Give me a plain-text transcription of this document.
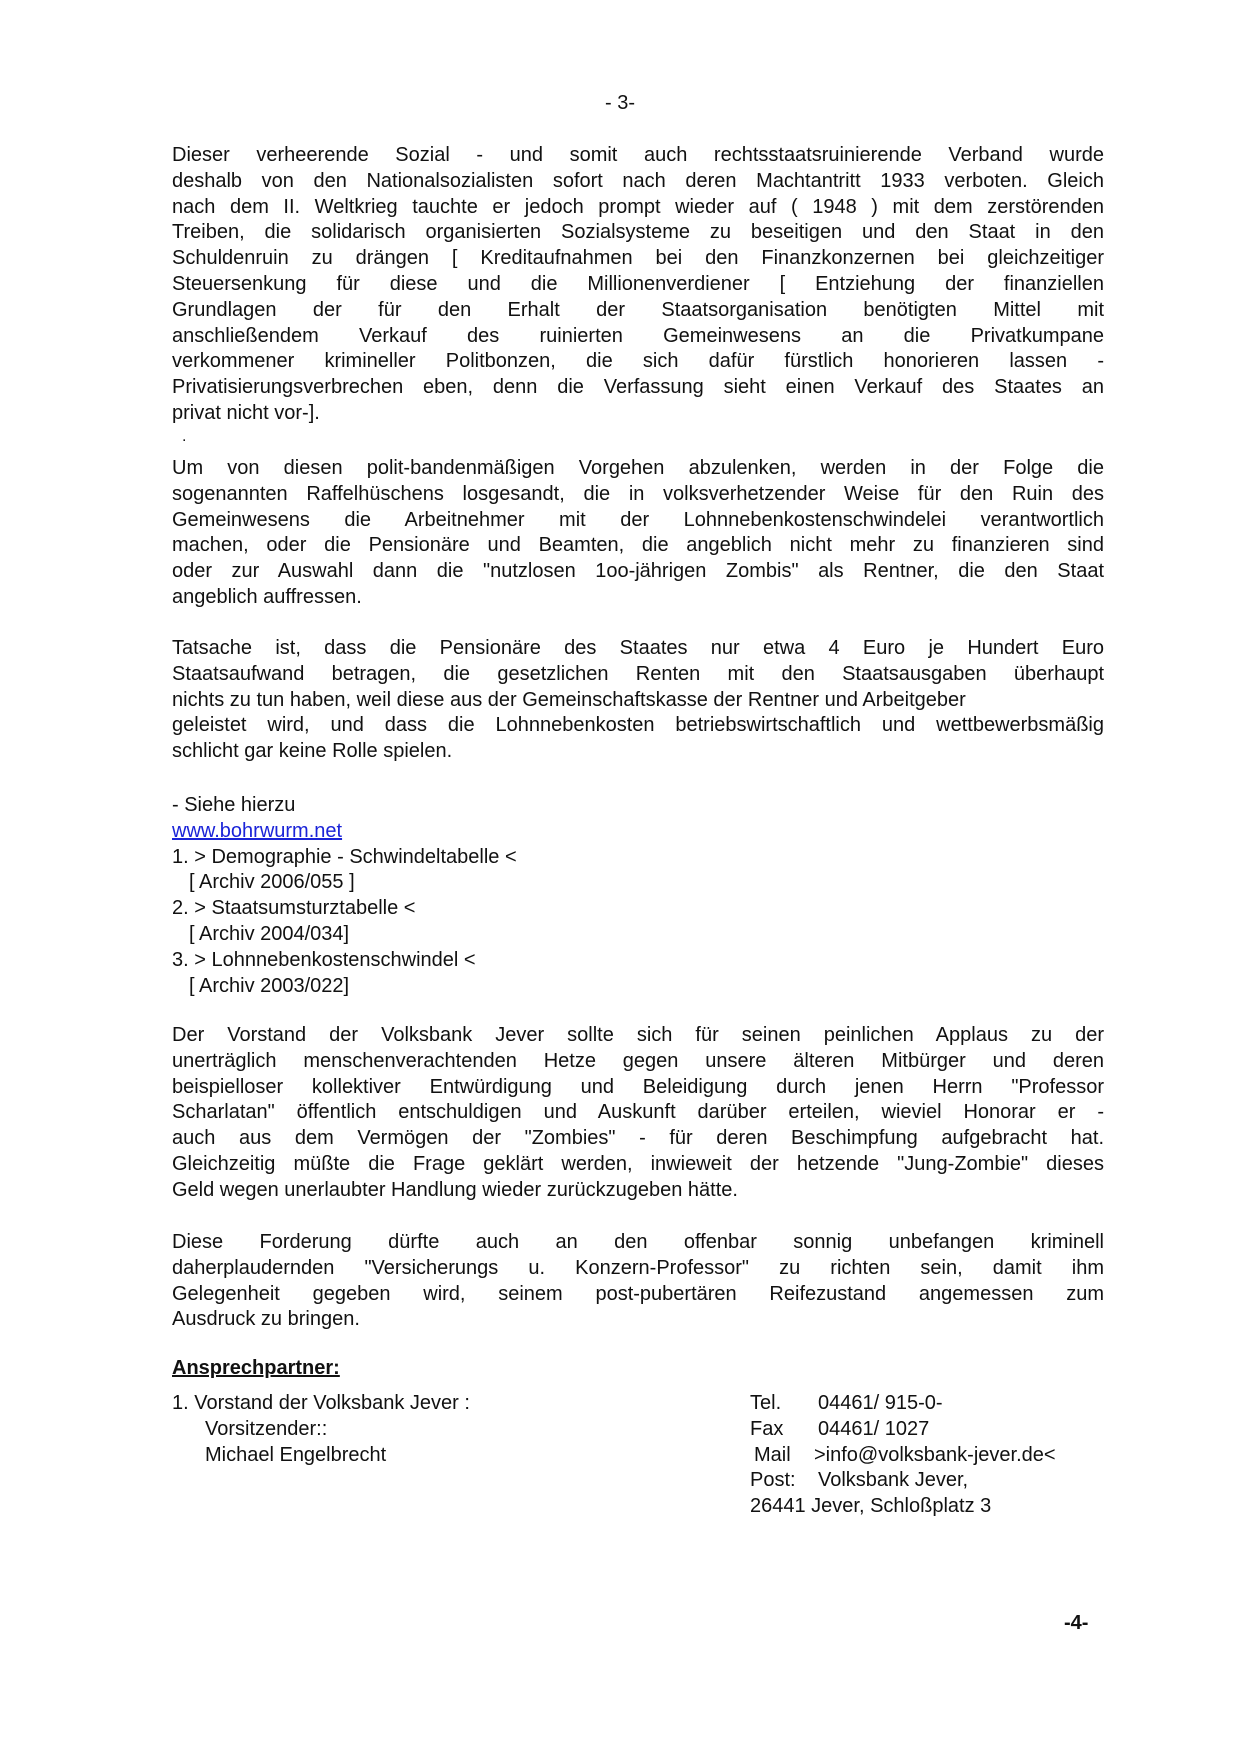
- 3-
Dieser verheerende Sozial - und somit auch rechtsstaatsruinierende Verband wurde
deshalb von den Nationalsozialisten sofort nach deren Machtantritt 1933 verboten. Gleich
nach dem II. Weltkrieg tauchte er jedoch prompt wieder auf ( 1948 ) mit dem zerstörenden
Treiben, die solidarisch organisierten Sozialsysteme zu beseitigen und den Staat in den
Schuldenruin zu drängen [ Kreditaufnahmen bei den Finanzkonzernen bei gleichzeitiger
Steuersenkung für diese und die Millionenverdiener [ Entziehung der finanziellen
Grundlagen der für den Erhalt der Staatsorganisation benötigten Mittel mit
anschließendem Verkauf des ruinierten Gemeinwesens an die Privatkumpane
verkommener krimineller Politbonzen, die sich dafür fürstlich honorieren lassen -
Privatisierungsverbrechen eben, denn die Verfassung sieht einen Verkauf des Staates an
privat nicht vor-].
.
Um von diesen polit-bandenmäßigen Vorgehen abzulenken, werden in der Folge die
sogenannten Raffelhüschens losgesandt, die in volksverhetzender Weise für den Ruin des
Gemeinwesens die Arbeitnehmer mit der Lohnnebenkostenschwindelei verantwortlich
machen, oder die Pensionäre und Beamten, die angeblich nicht mehr zu finanzieren sind
oder zur Auswahl dann die "nutzlosen 1oo-jährigen Zombis" als Rentner, die den Staat
angeblich auffressen.
Tatsache ist, dass die Pensionäre des Staates nur etwa 4 Euro je Hundert Euro
Staatsaufwand betragen, die gesetzlichen Renten mit den Staatsausgaben überhaupt
nichts zu tun haben, weil diese aus der Gemeinschaftskasse der Rentner und Arbeitgeber
geleistet wird, und dass die Lohnnebenkosten betriebswirtschaftlich und wettbewerbsmäßig
schlicht gar keine Rolle spielen.
- Siehe hierzu
www.bohrwurm.net
1. > Demographie - Schwindeltabelle <
[ Archiv 2006/055 ]
2. > Staatsumsturztabelle <
[ Archiv 2004/034]
3. > Lohnnebenkostenschwindel <
[ Archiv 2003/022]
Der Vorstand der Volksbank Jever sollte sich für seinen peinlichen Applaus zu der
unerträglich menschenverachtenden Hetze gegen unsere älteren Mitbürger und deren
beispielloser kollektiver Entwürdigung und Beleidigung durch jenen Herrn "Professor
Scharlatan" öffentlich entschuldigen und Auskunft darüber erteilen, wieviel Honorar er -
auch aus dem Vermögen der "Zombies" - für deren Beschimpfung aufgebracht hat.
Gleichzeitig müßte die Frage geklärt werden, inwieweit der hetzende "Jung-Zombie" dieses
Geld wegen unerlaubter Handlung wieder zurückzugeben hätte.
Diese Forderung dürfte auch an den offenbar sonnig unbefangen kriminell
daherplaudernden "Versicherungs u. Konzern-Professor" zu richten sein, damit ihm
Gelegenheit gegeben wird, seinem post-pubertären Reifezustand angemessen zum
Ausdruck zu bringen.
Ansprechpartner:
1. Vorstand der Volksbank Jever :
Vorsitzender::
Michael Engelbrecht
Tel. 04461/ 915-0-
Fax 04461/ 1027
Mail >info@volksbank-jever.de<
Post: Volksbank Jever,
26441 Jever, Schloßplatz 3
-4-
